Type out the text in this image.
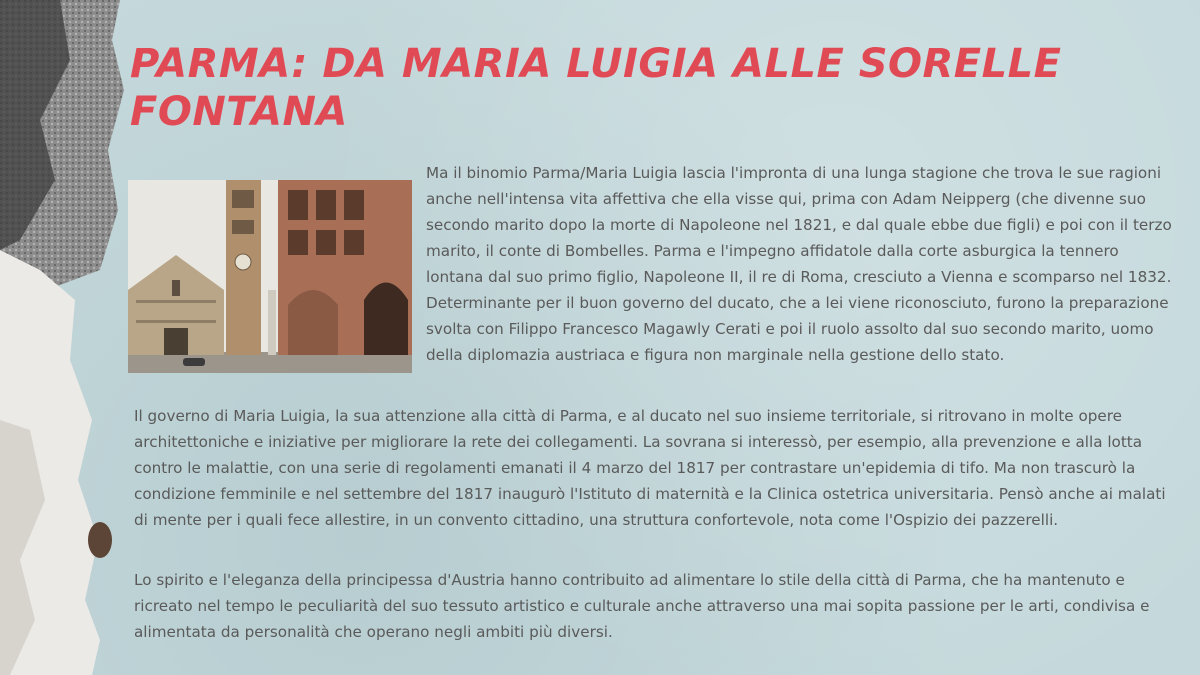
PARMA: DA MARIA LUIGIA ALLE SORELLE FONTANA

Ma il binomio Parma/Maria Luigia lascia l'impronta di una lunga stagione che trova le sue ragioni anche nell'intensa vita affettiva che ella visse qui, prima con Adam Neipperg (che divenne suo secondo marito dopo la morte di Napoleone nel 1821, e dal quale ebbe due figli) e poi con il terzo marito, il conte di Bombelles. Parma e l'impegno affidatole dalla corte asburgica la tennero lontana dal suo primo figlio, Napoleone II, il re di Roma, cresciuto a Vienna e scomparso nel 1832. Determinante per il buon governo del ducato, che a lei viene riconosciuto, furono la preparazione svolta con Filippo Francesco Magawly Cerati e poi il ruolo assolto dal suo secondo marito, uomo della diplomazia austriaca e figura non marginale nella gestione dello stato.

Il governo di Maria Luigia, la sua attenzione alla città di Parma, e al ducato nel suo insieme territoriale, si ritrovano in molte opere architettoniche e iniziative per migliorare la rete dei collegamenti. La sovrana si interessò, per esempio, alla prevenzione e alla lotta contro le malattie, con una serie di regolamenti emanati il 4 marzo del 1817 per contrastare un'epidemia di tifo. Ma non trascurò la condizione femminile e nel settembre del 1817 inaugurò l'Istituto di maternità e la Clinica ostetrica universitaria. Pensò anche ai malati di mente per i quali fece allestire, in un convento cittadino, una struttura confortevole, nota come l'Ospizio dei pazzerelli.

Lo spirito e l'eleganza della principessa d'Austria hanno contribuito ad alimentare lo stile della città di Parma, che ha mantenuto e ricreato nel tempo le peculiarità del suo tessuto artistico e culturale anche attraverso una mai sopita passione per le arti, condivisa e alimentata da personalità che operano negli ambiti più diversi.
